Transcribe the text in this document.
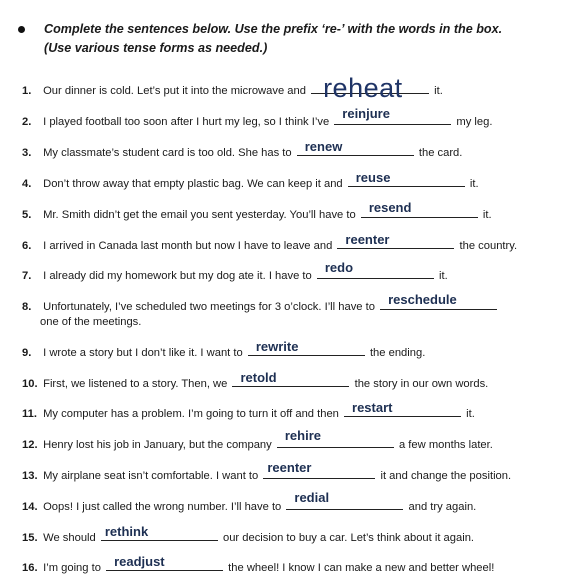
Complete the sentences below. Use the prefix ‘re-’ with the words in the box.
(Use various tense forms as needed.)
1. Our dinner is cold. Let’s put it into the microwave and reheat	it.
2. I played football too soon after I hurt my leg, so I think I’ve
reinjure
my leg.
3. My classmate’s student card is too old. She has to renew	the card.
4. Don’t throw away that empty plastic bag. We can keep it and reuse	it.
5. Mr. Smith didn’t get the email you sent yesterday. You’ll have to resend	it.
6. I arrived in Canada last month but now I have to leave and reenter	the country.
7. I already did my homework but my dog ate it. I have to
redo
it.
8. Unfortunately, I’ve scheduled two meetings for 3 o’clock. I’ll have to reschedule
one of the meetings.
9. I wrote a story but I don’t like it. I want to rewrite	the ending.
10. First, we listened to a story. Then, we retold	the story in our own words.
11. My computer has a problem. I’m going to turn it off and then restart	it.
12. Henry lost his job in January, but the company
rehire
a few months later.
13. My airplane seat isn’t comfortable. I want to
reenter
it and change the position.
14. Oops! I just called the wrong number. I’ll have to
redial
and try again.
15. We should rethink	our decision to buy a car. Let’s think about it again.
16. I’m going to readjust	the wheel! I know I can make a new and better wheel!
